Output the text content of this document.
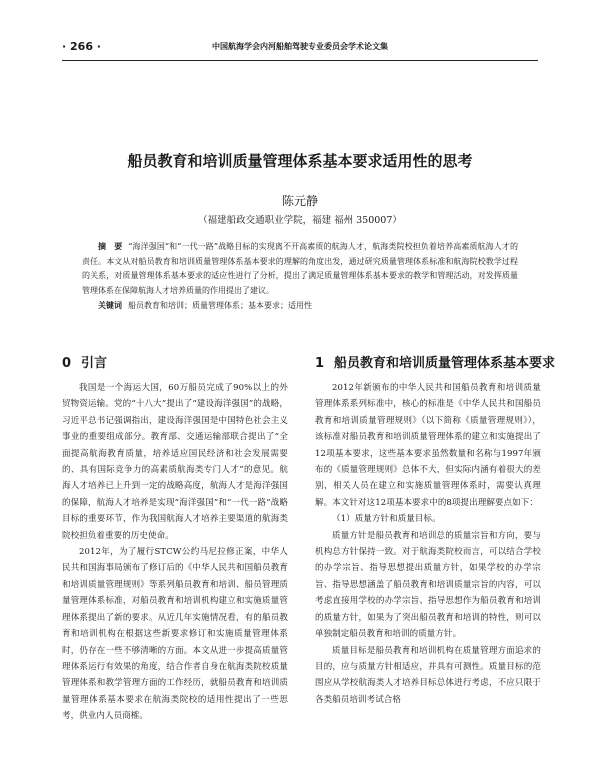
· 266 ·	中国航海学会内河船舶驾驶专业委员会学术论文集
船员教育和培训质量管理体系基本要求适用性的思考
陈元静
（福建船政交通职业学院，福建 福州 350007）

摘　要 “海洋强国”和“一代一路”战略目标的实现离不开高素质的航海人才，航海类院校担负着培养高素质航海人才的责任。本文从对船员教育和培训质量管理体系基本要求的理解的角度出发，通过研究质量管理体系标准和航海院校教学过程的关系，对质量管理体系基本要求的适应性进行了分析，提出了满足质量管理体系基本要求的教学和管理活动，对发挥质量管理体系在保障航海人才培养质量的作用提出了建议。

关键词 船员教育和培训；质量管理体系；基本要求；适用性

0 引言	1 船员教育和培训质量管理体系基本要求

我国是一个海运大国，60万船员完成了90%以上的外贸物资运输。党的“十八大”提出了“建设海洋强国”的战略，习近平总书记强调指出，建设海洋强国是中国特色社会主义事业的重要组成部分。教育部、交通运输部联合提出了“全面提高航海教育质量，培养适应国民经济和社会发展需要的、具有国际竞争力的高素质航海类专门人才”的意见。航海人才培养已上升到一定的战略高度，航海人才是海洋强国的保障，航海人才培养是实现“海洋强国”和“一代一路”战略目标的重要环节，作为我国航海人才培养主要渠道的航海类院校担负着重要的历史使命。

2012年，为了履行STCW公约马尼拉修正案，中华人民共和国海事局颁布了修订后的《中华人民共和国船员教育和培训质量管理规则》等系列船员教育和培训、船员管理质量管理体系标准，对船员教育和培训机构建立和实施质量管理体系提出了新的要求。从近几年实施情况看，有的船员教育和培训机构在根据这些新要求修订和实施质量管理体系时，仍存在一些不够清晰的方面。本文从进一步提高质量管理体系运行有效果的角度，结合作者自身在航海类院校质量管理体系和教学管理方面的工作经历，就船员教育和培训质量管理体系基本要求在航海类院校的适用性提出了一些思考，供业内人员商榷。

2012年新颁布的中华人民共和国船员教育和培训质量管理体系系列标准中，核心的标准是《中华人民共和国船员教育和培训质量管理规则》（以下简称《质量管理规则》），该标准对船员教育和培训质量管理体系的建立和实施提出了12项基本要求，这些基本要求虽然数量和名称与1997年颁布的《质量管理规则》总体不大，但实际内涵有着很大的差别，相关人员在建立和实施质量管理体系时，需要认真理解。本文针对这12项基本要求中的8项提出理解要点如下：

（1）质量方针和质量目标。

质量方针是船员教育和培训总的质量宗旨和方向，要与机构总方针保持一致。对于航海类院校而言，可以结合学校的办学宗旨、指导思想提出质量方针，如果学校的办学宗旨、指导思想涵盖了船员教育和培训质量宗旨的内容，可以考虑直接用学校的办学宗旨、指导思想作为船员教育和培训的质量方针，如果为了突出船员教育和培训的特性，则可以单独制定船员教育和培训的质量方针。

质量目标是船员教育和培训机构在质量管理方面追求的目的，应与质量方针相适应，并具有可测性。质量目标的范围应从学校航海类人才培养目标总体进行考虑，不应只限于各类船员培训考试合格
